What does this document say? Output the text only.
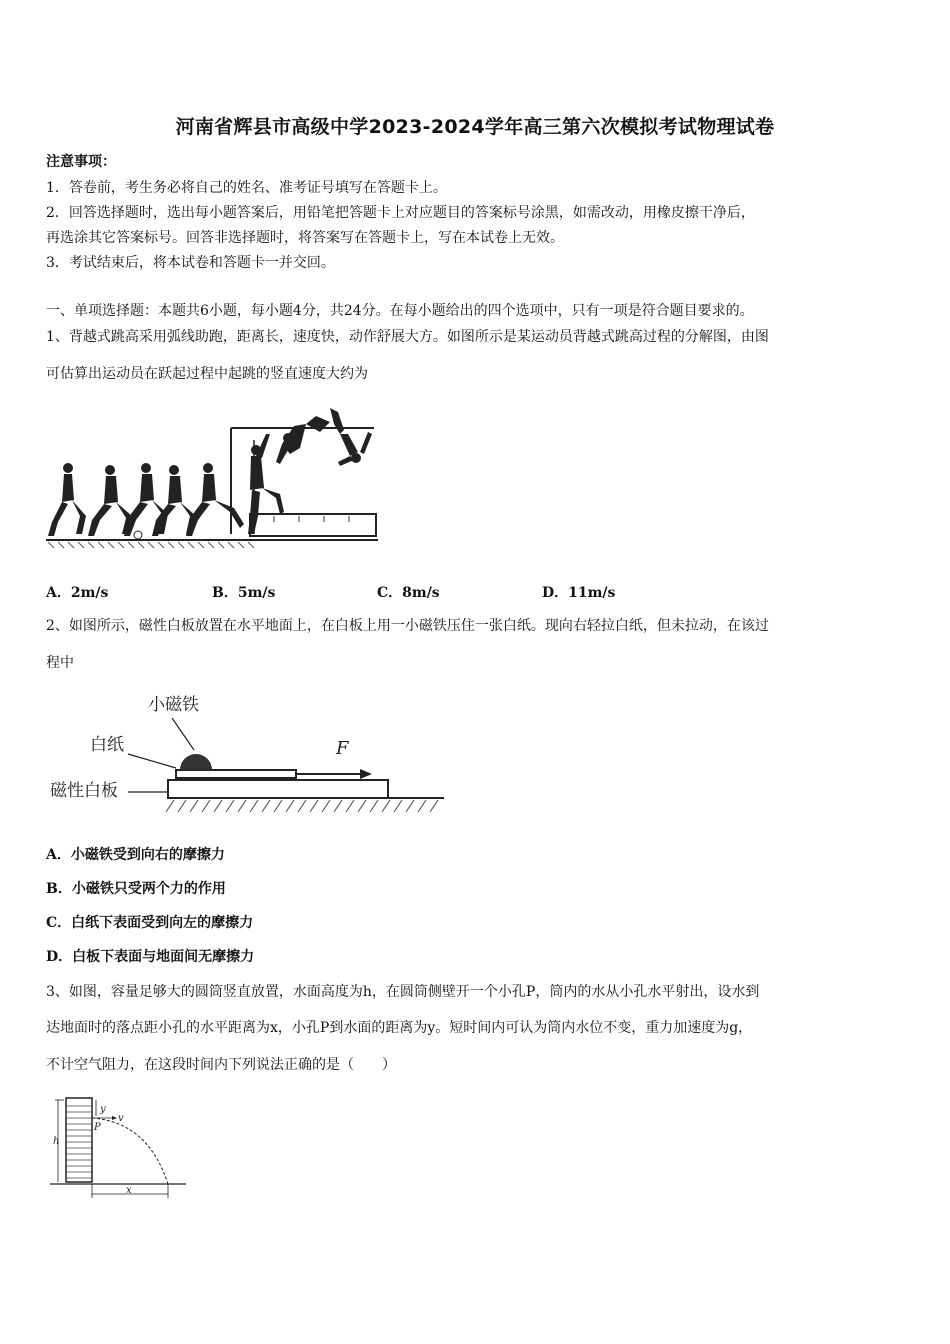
河南省辉县市高级中学2023-2024学年高三第六次模拟考试物理试卷
注意事项：
1．答卷前，考生务必将自己的姓名、准考证号填写在答题卡上。
2．回答选择题时，选出每小题答案后，用铅笔把答题卡上对应题目的答案标号涂黑，如需改动，用橡皮擦干净后，
再选涂其它答案标号。回答非选择题时，将答案写在答题卡上，写在本试卷上无效。
3．考试结束后，将本试卷和答题卡一并交回。
一、单项选择题：本题共6小题，每小题4分，共24分。在每小题给出的四个选项中，只有一项是符合题目要求的。
1、背越式跳高采用弧线助跑，距离长，速度快，动作舒展大方。如图所示是某运动员背越式跳高过程的分解图，由图
可估算出运动员在跃起过程中起跳的竖直速度大约为
A．2m/s	B．5m/s	C．8m/s	D．11m/s
2、如图所示，磁性白板放置在水平地面上，在白板上用一小磁铁压住一张白纸。现向右轻拉白纸，但未拉动，在该过
程中
小磁铁
白纸
磁性白板
F
A．小磁铁受到向右的摩擦力
B．小磁铁只受两个力的作用
C．白纸下表面受到向左的摩擦力
D．白板下表面与地面间无摩擦力
3、如图，容量足够大的圆筒竖直放置，水面高度为h，在圆筒侧壁开一个小孔P，筒内的水从小孔水平射出，设水到
达地面时的落点距小孔的水平距离为x，小孔P到水面的距离为y。短时间内可认为筒内水位不变，重力加速度为g，
不计空气阻力，在这段时间内下列说法正确的是（　　）
h
y
v
P
x
